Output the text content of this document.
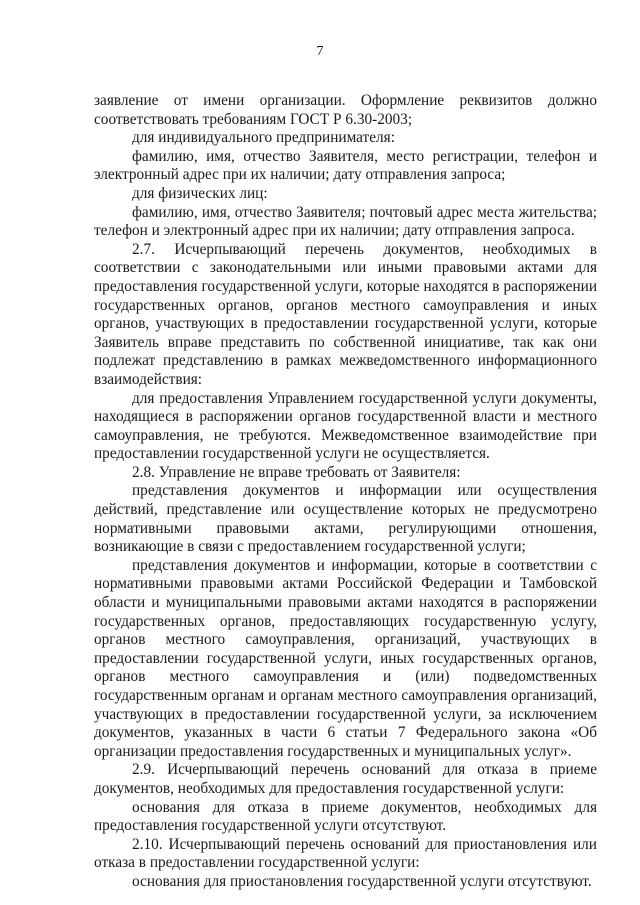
7

заявление от имени организации. Оформление реквизитов должно соответствовать требованиям ГОСТ Р 6.30-2003;

для индивидуального предпринимателя:

фамилию, имя, отчество Заявителя, место регистрации, телефон и электронный адрес при их наличии; дату отправления запроса;

для физических лиц:

фамилию, имя, отчество Заявителя; почтовый адрес места жительства; телефон и электронный адрес при их наличии; дату отправления запроса.

2.7. Исчерпывающий перечень документов, необходимых в соответствии с законодательными или иными правовыми актами для предоставления государственной услуги, которые находятся в распоряжении государственных органов, органов местного самоуправления и иных органов, участвующих в предоставлении государственной услуги, которые Заявитель вправе представить по собственной инициативе, так как они подлежат представлению в рамках межведомственного информационного взаимодействия:

для предоставления Управлением государственной услуги документы, находящиеся в распоряжении органов государственной власти и местного самоуправления, не требуются. Межведомственное взаимодействие при предоставлении государственной услуги не осуществляется.

2.8. Управление не вправе требовать от Заявителя:

представления документов и информации или осуществления действий, представление или осуществление которых не предусмотрено нормативными правовыми актами, регулирующими отношения, возникающие в связи с предоставлением государственной услуги;

представления документов и информации, которые в соответствии с нормативными правовыми актами Российской Федерации и Тамбовской области и муниципальными правовыми актами находятся в распоряжении государственных органов, предоставляющих государственную услугу, органов местного самоуправления, организаций, участвующих в предоставлении государственной услуги, иных государственных органов, органов местного самоуправления и (или) подведомственных государственным органам и органам местного самоуправления организаций, участвующих в предоставлении государственной услуги, за исключением документов, указанных в части 6 статьи 7 Федерального закона «Об организации предоставления государственных и муниципальных услуг».

2.9. Исчерпывающий перечень оснований для отказа в приеме документов, необходимых для предоставления государственной услуги:

основания для отказа в приеме документов, необходимых для предоставления государственной услуги отсутствуют.

2.10. Исчерпывающий перечень оснований для приостановления или отказа в предоставлении государственной услуги:

основания для приостановления государственной услуги отсутствуют.
